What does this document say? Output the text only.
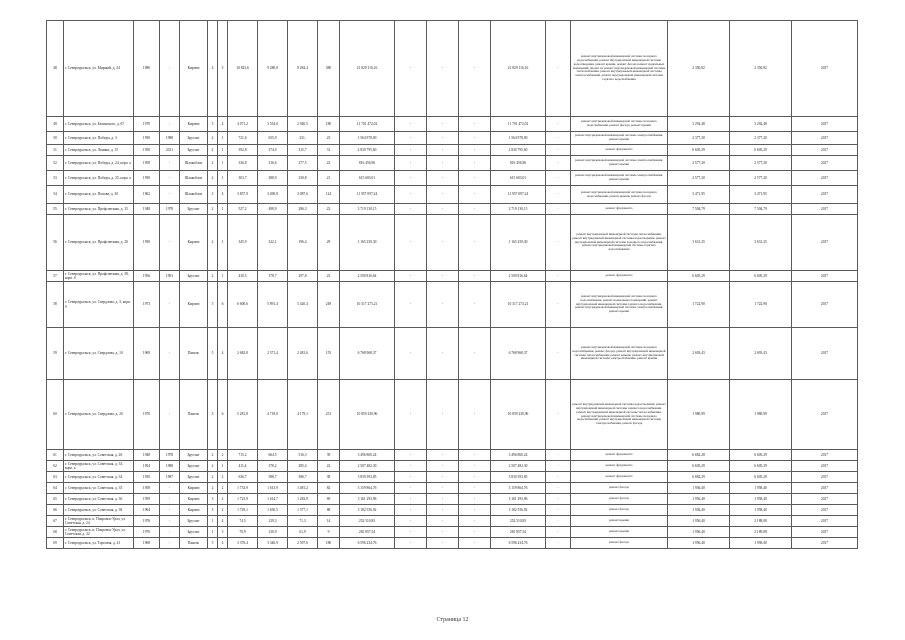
48	г. Североуральск, ул. Мирный, д. 24	1980	-	Кирпич	4	5	10 823,6	9 280,8	8 284,4	380	21 829 116,16	-	-	-	21 829 116,16	-	ремонт внутридомовой инженерной системы холодного водоснабжения, ремонт внутридомовой инженерной системы водоотведения, ремонт крыши, ремонт фасада ремонт подвальных помещений, проект на ремонт внутридомовой инженерной системы теплоснабжения, ремонт внутридомовой инженерной системы электроснабжения, ремонт внутридомовой инженерной системы горячего водоснабжения	2 350,82	2 350,82	2017
49	г. Североуральск, ул. Белинского, д. 67	1970	-	Кирпич	5	4	4 071,2	3 554,0	2 940,5	180	11 701 472,02	-	-	-	11 701 472,02	-	ремонт внутридомовой инженерной системы холодного водоснабжения, ремонт фасада, ремонт крыши	3 292,48	3 292,48	2017
50	г. Североуральск, ул. Победы, д. 3	1958	1988	Брусчат	2	1	721,6	655,9	231,	23	1 564 978,00	-	-	-	1 564 978,00	-	ремонт внутридомовой инженерной системы электроснабжения, ремонт крыши	2 377,20	2 377,20	2017
51	г. Североуральск, ул. Ленина, д. 15	1950	2011	Брусчат	2	1	392,8	374,9	315,7	31	2 830 795,60	-	-	-	2 830 795,60	-	ремонт фундамента	6 605,29	6 605,29	2017
52	г. Североуральск, ул. Победы, д. 24, корп. а	1958	-	Шлакоблок	2	1	336,8	316,6	277,5	22	816 456,96	-	-	-	816 456,96	-	ремонт внутридомовой инженерной системы электроснабжения, ремонт крыши	2 577,20	2 577,20	2017
53	г. Североуральск, ул. Победы, д. 25, корп. а	1958	-	Шлакоблок	2	1	303,7	288,9	230,8	21	615 603,01	-	-	-	615 603,01	-	ремонт внутридомовой инженерной системы электроснабжения, ремонт крыши	2 577,20	2 577,20	2017
54	г. Североуральск, ул. Попова, д. 30	1962	-	Шлакоблок	3	4	3 857,9	3 490,8	3 087,6	124	11 957 097,24	-	-	-	11 957 097,24	-	ремонт внутридомовой инженерной системы холодного водоснабжения, ремонт крыши, ремонт фасада	3 471,95	3 471,95	2017
55	г. Североуральск, ул. Профсоюзная, д. 15	1948	1978	Брусчат	2	1	527,2	498,9	286,3	22	3 719 130,15	-	-	-	3 719 130,15	-	ремонт фундамента	7 504,79	7 504,79	2017
56	г. Североуральск, ул. Профсоюзная, д. 20	1958	-	Кирпич	2	1	345,9	322,1	196,4	29	1 165 250,30	-	-	-	1 165 250,30	-	ремонт внутридомовой инженерной системы теплоснабжения, ремонт внутридомовой инженерной системы водоотведения, ремонт внутридомовой инженерной системы холодного водоснабжения, ремонт внутридомовой инженерной системы горячего водоснабжения	3 631,25	3 631,25	2017
57	г. Североуральск, ул. Профсоюзная, д. 38, корп. б	1956	1991	Брусчат	2	1	410,5	378,7	297,8	23	2 500 816,64	-	-	-	2 500 816,64	-	ремонт фундамента	6 605,29	6 605,29	2017
58	г. Североуральск, ул. Свердлова, д. 3, корп. б	1973	-	Кирпич	5	6	6 600,6	5 891,4	5 420,4	249	10 317 273,21	-	-	-	10 317 273,21	-	ремонт внутридомовой инженерной системы холодного водоснабжения, ремонт подвальных помещений, ремонт внутридомовой инженерной системы горячего водоснабжения, ремонт внутридомовой инженерной системы электроснабжения, ремонт крыши	1 722,90	1 722,90	2017
59	г. Североуральск, ул. Свердлова, д. 10	1969	-	Панель	5	4	2 682,8	2 371,4	2 481,6	155	6 768 968,37	-	-	-	6 768 968,37	-	ремонт внутридомовой инженерной системы холодного водоснабжения, ремонт фасада, ремонт внутридомовой инженерной системы теплоснабжения, ремонт крыши, ремонт внутридомовой инженерной системы электроснабжения, ремонт крыши	2 693,43	2 693,43	2017
60	г. Североуральск, ул. Свердлова, д. 20	1970	-	Панель	5	6	5 281,8	4 718,0	4 179,1	251	10 859 230,96	-	-	-	10 859 230,96	-	ремонт внутридомовой инженерной системы водоотведения, ремонт внутридомовой инженерной системы горячего водоснабжения, ремонт внутридомовой инженерной системы теплоснабжения, ремонт внутридомовой инженерной системы холодного водоснабжения, ремонт внутридомовой инженерной системы электроснабжения, ремонт фасада	1 980,99	1 980,99	2017
61	г. Североуральск, ул. Советская, д. 26	1948	1978	Брусчат	2	2	715,2	664,5	516,3	39	3 496 860,24	-	-	-	3 496 860,24	-	ремонт фундамента	6 682,28	6 605,29	2017
62	г. Североуральск, ул. Советская, д. 33, корп. а	1954	1988	Брусчат	2	1	411,4	378,2	285,4	22	2 507 482,30	-	-	-	2 507 482,30	-	ремонт фундамента	6 605,29	6 605,29	2017
63	г. Североуральск, ул. Советская, д. 34	1950	1987	Брусчат	2	2	636,7	588,7	386,7	38	3 830 393,85	-	-	-	3 830 393,85	-	ремонт фундамента	6 682,29	6 605,29	2017
64	г. Североуральск, ул. Советская, д. 35	1958	-	Кирпич	2	2	1 733,9	1 613,9	1 481,2	82	3 159 864,76	-	-	-	3 159 864,76	-	ремонт фасада	1 936,40	1 958,40	2017
65	г. Североуральск, ул. Советская, д. 36	1959	-	Кирпич	3	2	1 723,9	1 614,7	1 282,9	69	3 161 293,96	-	-	-	3 161 293,96	-	ремонт фасада	1 956,40	1 958,40	2017
66	г. Североуральск, ул. Советская, д. 38	1964	-	Кирпич	5	2	1 729,1	1 630,5	1 577,1	88	3 182 556,92	-	-	-	3 182 556,92	-	ремонт фасада	1 936,40	1 958,40	2017
67	г. Североуральск, п. Покровск-Урал, ул. Советская, д. 24	1976	-	Брусчат	1	4	74,5	129,3	71,3	14	252 510,83	-	-	-	252 510,83	-	ремонт крыши	1 956,40	2 188,08	2017
68	г. Североуральск, п. Покровск-Урал, ул. Советская, д. 32	1976	-	Брусчат	1	3	70,9	130,9	61,9	9	265 857,54	-	-	-	265 857,54	-	ремонт крыши	1 956,40	2 189,08	2017
69	г. Североуральск, ул. Торговая, д. 41	1968	-	Панель	5	4	3 376,4	3 346,9	2 597,6	180	6 596 234,76	-	-	-	6 596 234,76	-	ремонт фасада	1 956,40	1 958,40	2017
Страница 12
